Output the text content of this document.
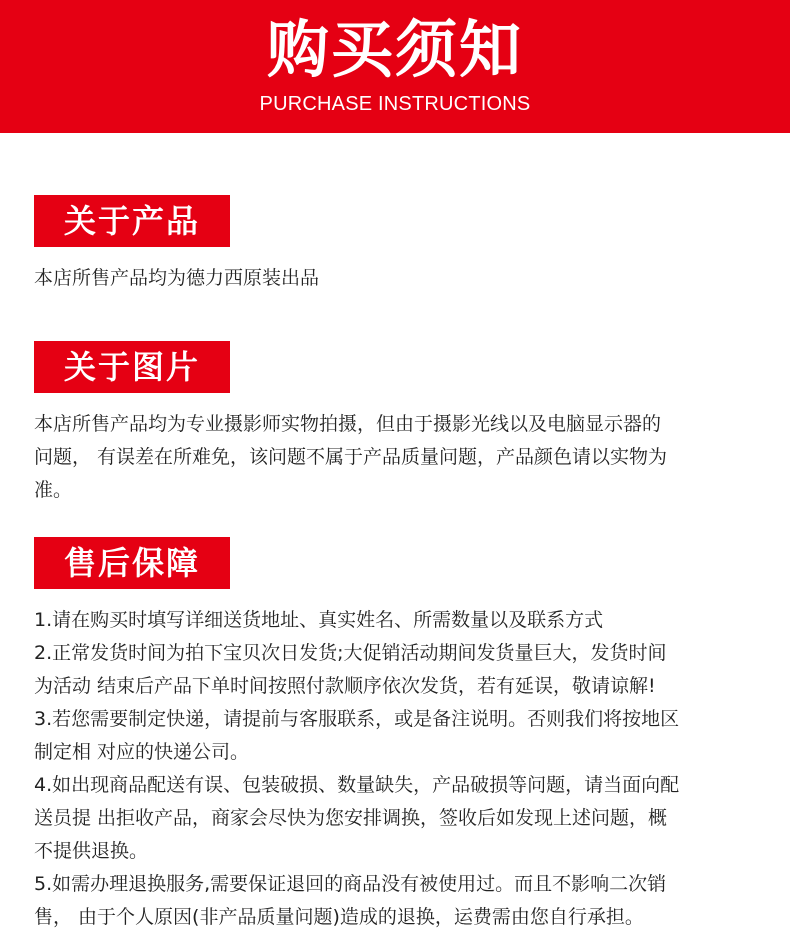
购买须知
PURCHASE INSTRUCTIONS
关于产品

本店所售产品均为德力西原装出品

关于图片

本店所售产品均为专业摄影师实物拍摄，但由于摄影光线以及电脑显示器的

问题， 有误差在所难免，该问题不属于产品质量问题，产品颜色请以实物为

准。

售后保障

1.请在购买时填写详细送货地址、真实姓名、所需数量以及联系方式

2.正常发货时间为拍下宝贝次日发货;大促销活动期间发货量巨大，发货时间

为活动 结束后产品下单时间按照付款顺序依次发货，若有延误，敬请谅解!

3.若您需要制定快递，请提前与客服联系，或是备注说明。否则我们将按地区

制定相 对应的快递公司。

4.如出现商品配送有误、包装破损、数量缺失，产品破损等问题，请当面向配

送员提 出拒收产品，商家会尽快为您安排调换，签收后如发现上述问题，概

不提供退换。

5.如需办理退换服务,需要保证退回的商品没有被使用过。而且不影响二次销

售， 由于个人原因(非产品质量问题)造成的退换，运费需由您自行承担。
